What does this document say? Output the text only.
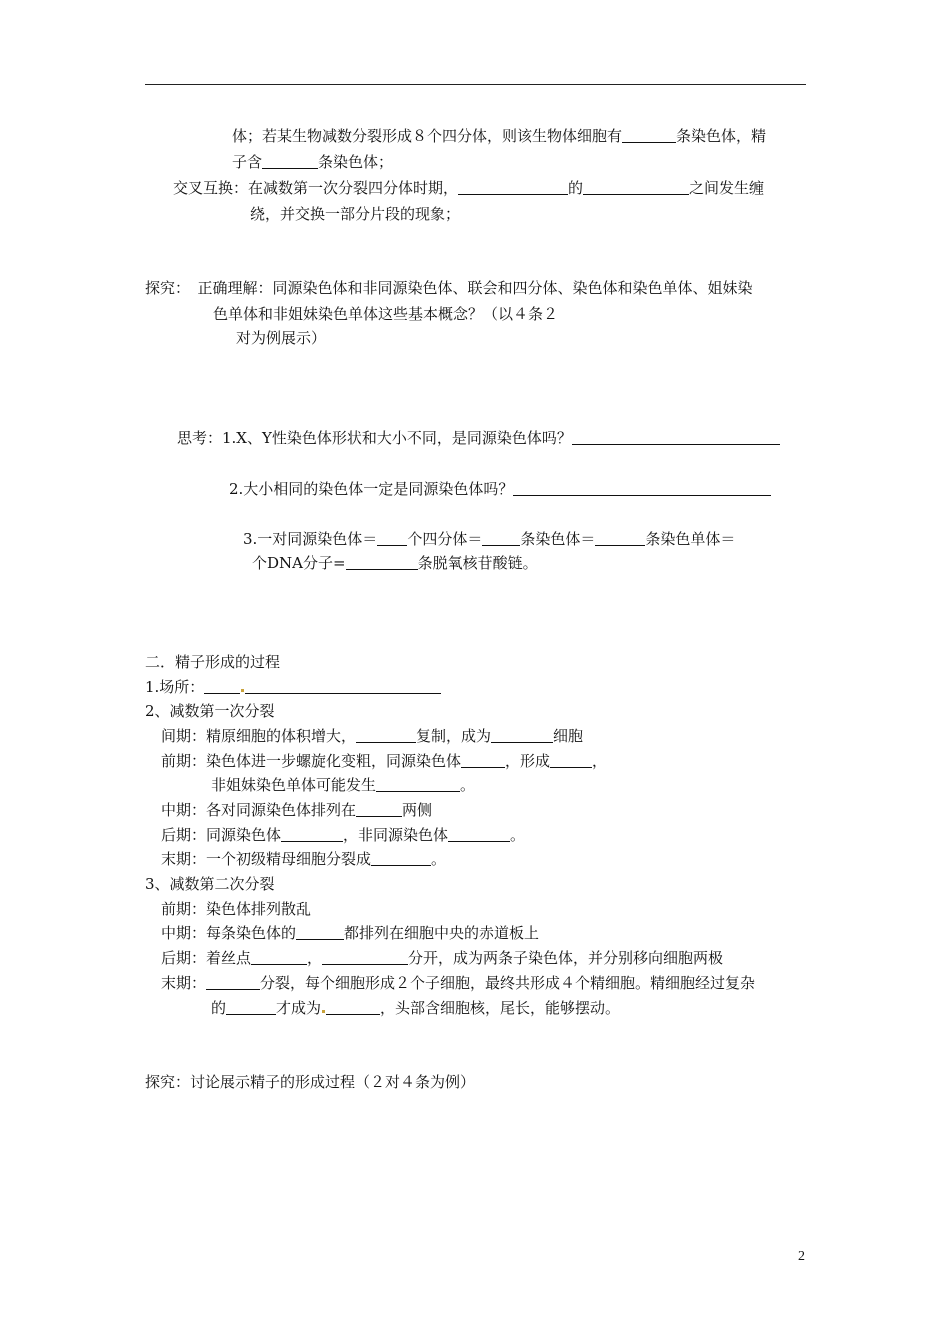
体；若某生物减数分裂形成８个四分体，则该生物体细胞有	条染色体，精
子含	条染色体；
交叉互换：在减数第一次分裂四分体时期，	的	之间发生缠
绕，并交换一部分片段的现象；
探究：　正确理解：同源染色体和非同源染色体、联会和四分体、染色体和染色单体、姐妹染
色单体和非姐妹染色单体这些基本概念？（以４条２
对为例展示）
思考：1.X、Y性染色体形状和大小不同，是同源染色体吗？
2.大小相同的染色体一定是同源染色体吗？
3.一对同源染色体＝ 个四分体＝	条染色体＝	条染色单体＝
个DNA分子=	条脱氧核苷酸链。
二．精子形成的过程
1.场所：
2、减数第一次分裂
间期：精原细胞的体积增大，	复制，成为	细胞
前期：染色体进一步螺旋化变粗，同源染色体	，形成	，
非姐妹染色单体可能发生	。
中期：各对同源染色体排列在	两侧
后期：同源染色体	，非同源染色体	。
末期：一个初级精母细胞分裂成	。
3、减数第二次分裂
前期：染色体排列散乱
中期：每条染色体的	都排列在细胞中央的赤道板上
后期：着丝点	，	分开，成为两条子染色体，并分别移向细胞两极
末期：	分裂，每个细胞形成２个子细胞，最终共形成４个精细胞。精细胞经过复杂
的	才成为	，头部含细胞核，尾长，能够摆动。
探究：讨论展示精子的形成过程（２对４条为例）
2
